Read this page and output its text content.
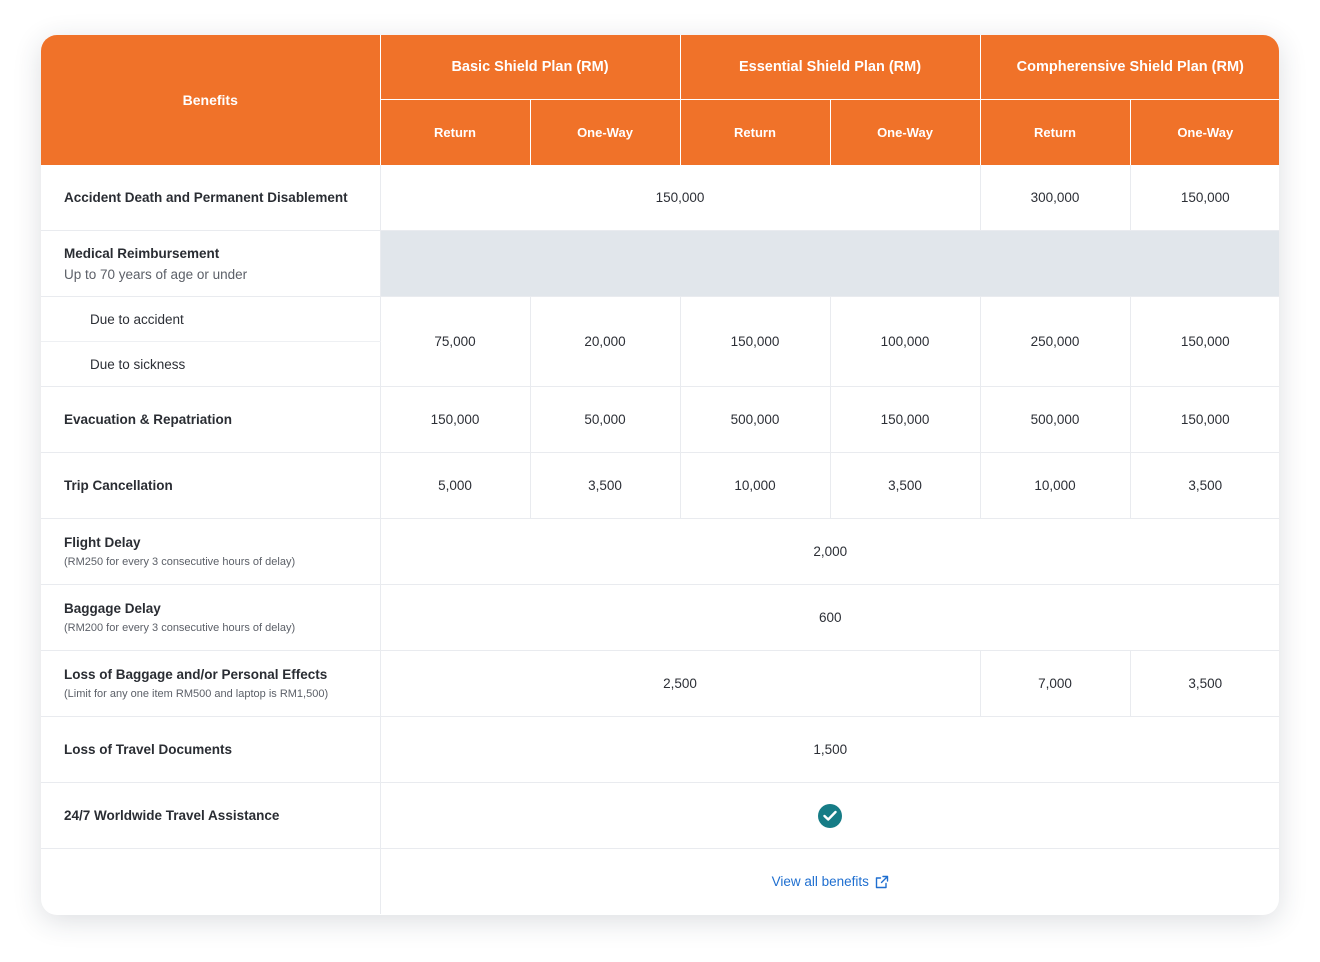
Benefits	Basic Shield Plan (RM)		Essential Shield Plan (RM)		Compherensive Shield Plan (RM)	
	Return	One-Way	Return	One-Way	Return	One-Way

Accident Death and Permanent Disablement	150,000				300,000	150,000

Medical Reimbursement
Up to 70 years of age or under						

Due to accident	75,000	20,000	150,000	100,000	250,000	150,000
Due to sickness						

Evacuation & Repatriation	150,000	50,000	500,000	150,000	500,000	150,000

Trip Cancellation	5,000	3,500	10,000	3,500	10,000	3,500

Flight Delay
(RM250 for every 3 consecutive hours of delay)	2,000					

Baggage Delay
(RM200 for every 3 consecutive hours of delay)	600					

Loss of Baggage and/or Personal Effects
(Limit for any one item RM500 and laptop is RM1,500)	2,500				7,000	3,500

Loss of Travel Documents	1,500					

24/7 Worldwide Travel Assistance

	View all benefits					
